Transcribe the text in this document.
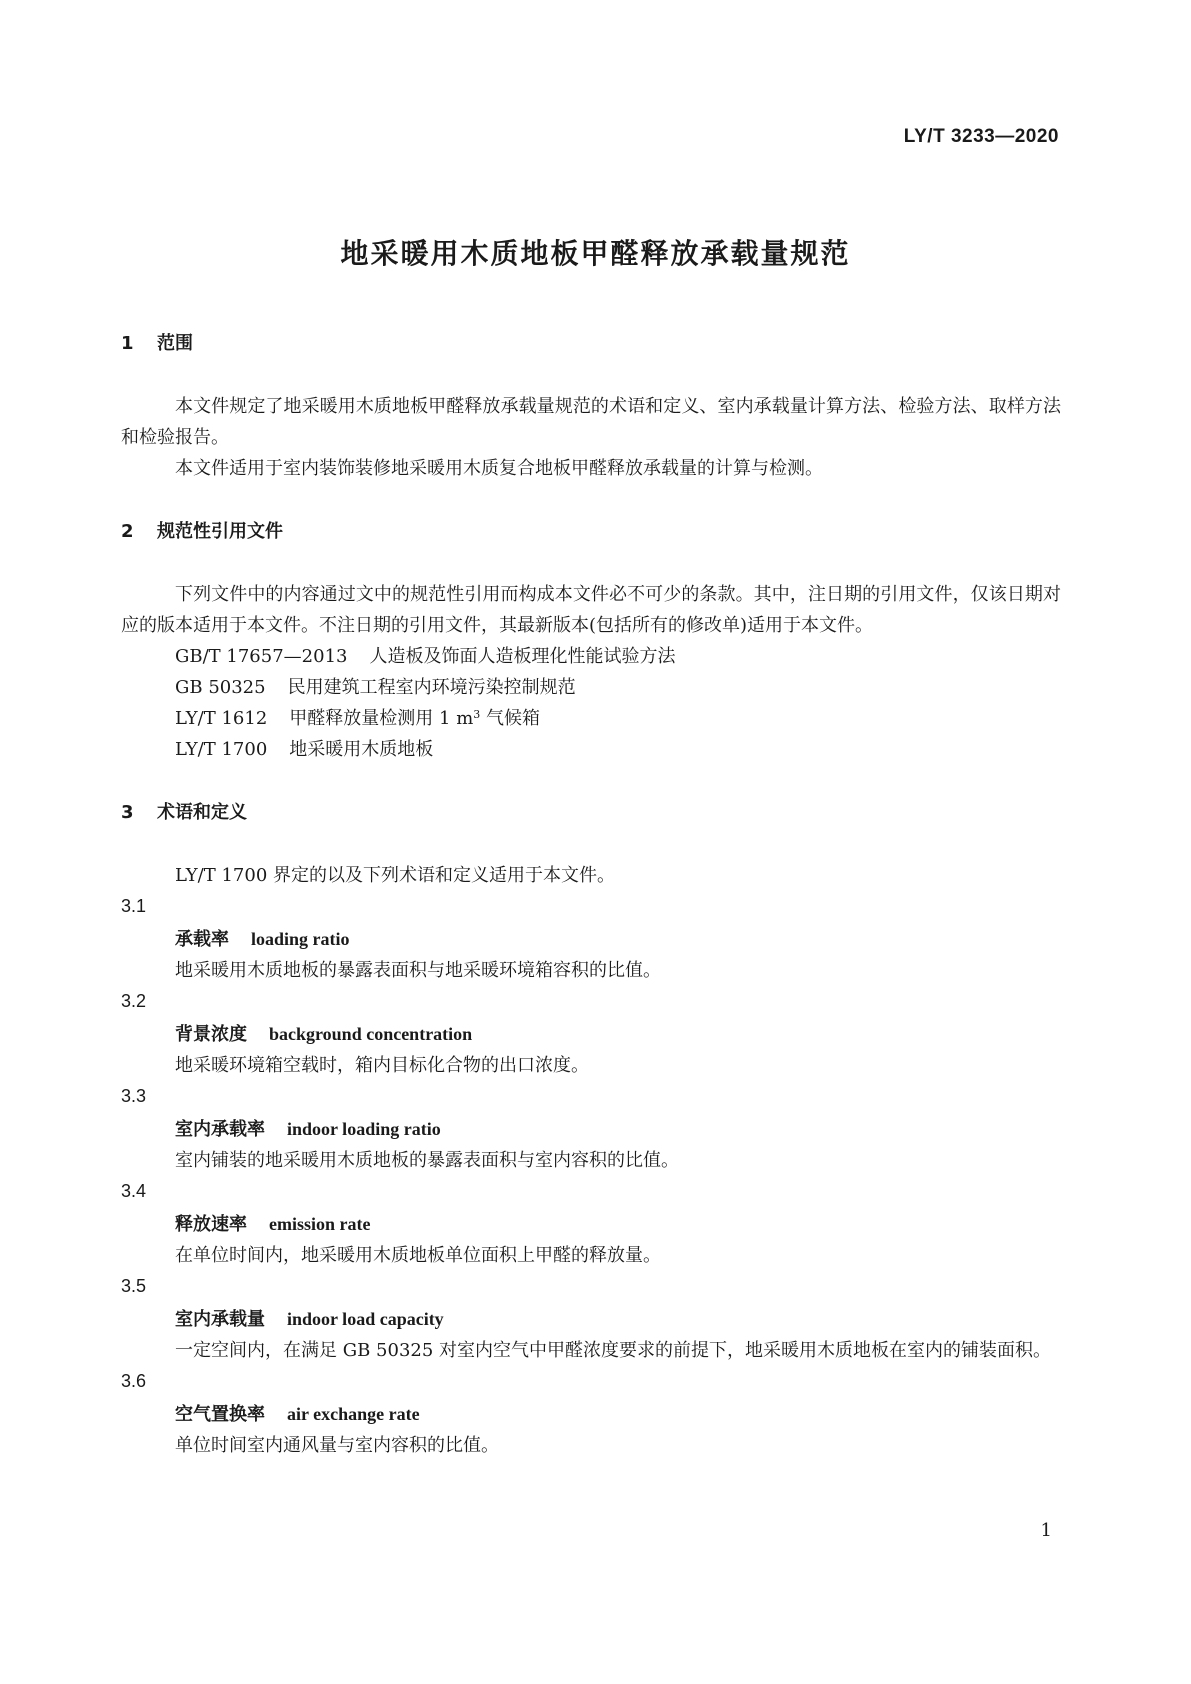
LY/T 3233—2020
地采暖用木质地板甲醛释放承载量规范
1 范围

本文件规定了地采暖用木质地板甲醛释放承载量规范的术语和定义、室内承载量计算方法、检验方法、取样方法和检验报告。

本文件适用于室内装饰装修地采暖用木质复合地板甲醛释放承载量的计算与检测。

2 规范性引用文件

下列文件中的内容通过文中的规范性引用而构成本文件必不可少的条款。其中，注日期的引用文件，仅该日期对应的版本适用于本文件。不注日期的引用文件，其最新版本(包括所有的修改单)适用于本文件。

GB/T 17657—2013 人造板及饰面人造板理化性能试验方法

GB 50325 民用建筑工程室内环境污染控制规范

LY/T 1612 甲醛释放量检测用 1 $m^3$ 气候箱

LY/T 1700 地采暖用木质地板

3 术语和定义

LY/T 1700 界定的以及下列术语和定义适用于本文件。

3.1
承载率 loading ratio

地采暖用木质地板的暴露表面积与地采暖环境箱容积的比值。

3.2
背景浓度 background concentration

地采暖环境箱空载时，箱内目标化合物的出口浓度。

3.3
室内承载率 indoor loading ratio

室内铺装的地采暖用木质地板的暴露表面积与室内容积的比值。

3.4
释放速率 emission rate

在单位时间内，地采暖用木质地板单位面积上甲醛的释放量。

3.5
室内承载量 indoor load capacity

一定空间内，在满足 GB 50325 对室内空气中甲醛浓度要求的前提下，地采暖用木质地板在室内的铺装面积。

3.6
空气置换率 air exchange rate

单位时间室内通风量与室内容积的比值。

1
